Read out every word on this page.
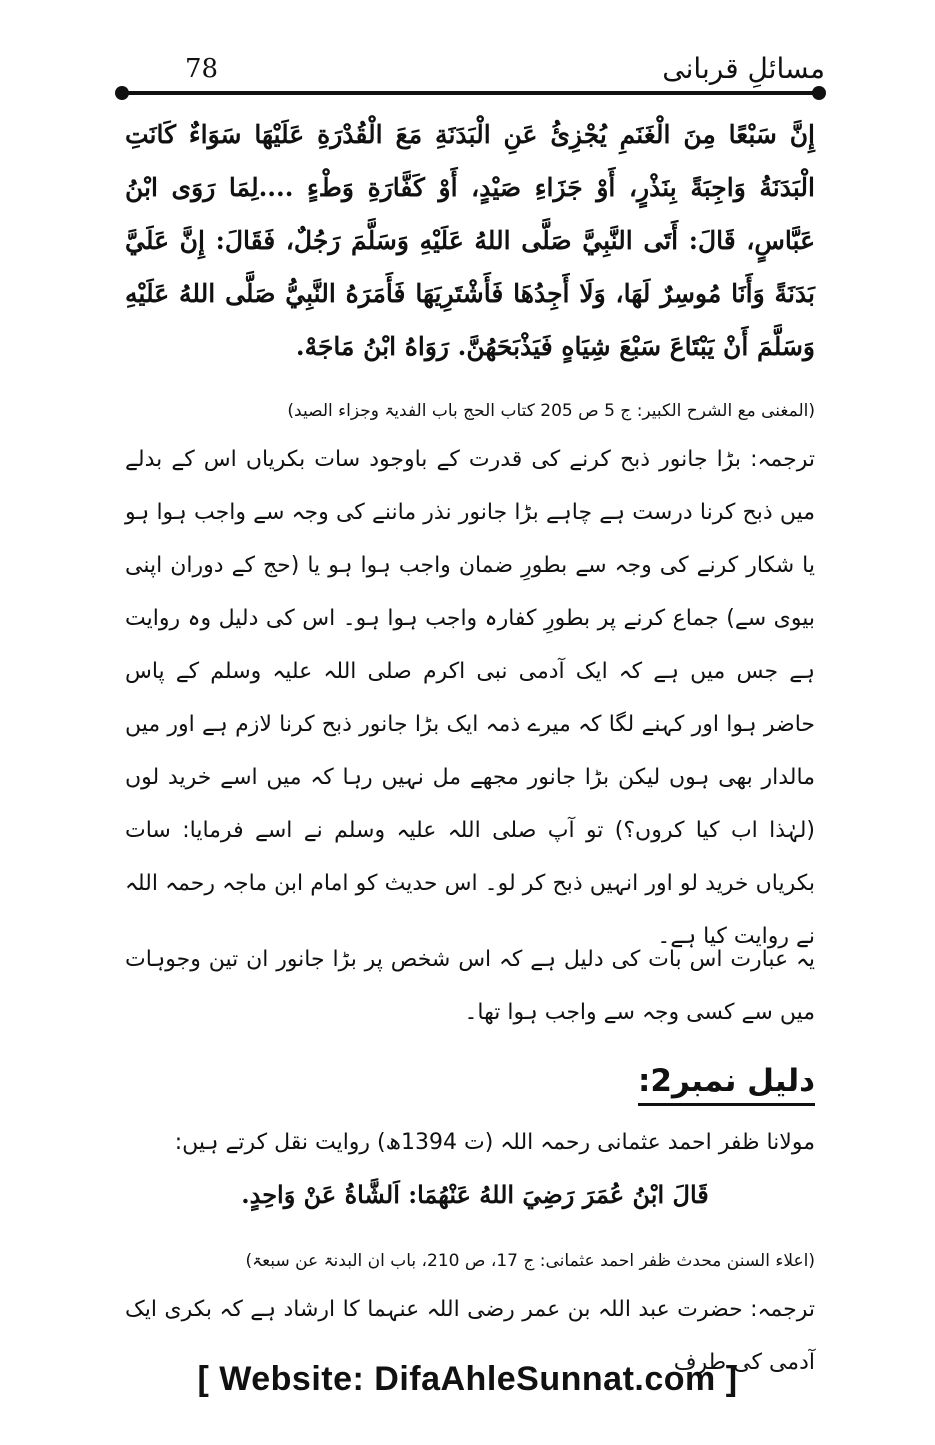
78	مسائلِ قربانی
إِنَّ سَبْعًا مِنَ الْغَنَمِ يُجْزِئُ عَنِ الْبَدَنَةِ مَعَ الْقُدْرَةِ عَلَيْهَا سَوَاءٌ كَانَتِ الْبَدَنَةُ وَاجِبَةً بِنَذْرٍ، أَوْ جَزَاءِ صَيْدٍ، أَوْ كَفَّارَةِ وَطْءٍ ....لِمَا رَوَى ابْنُ عَبَّاسٍ، قَالَ: أَتَى النَّبِيَّ صَلَّى اللهُ عَلَيْهِ وَسَلَّمَ رَجُلٌ، فَقَالَ: إِنَّ عَلَيَّ بَدَنَةً وَأَنَا مُوسِرٌ لَهَا، وَلَا أَجِدُهَا فَأَشْتَرِيَهَا فَأَمَرَهُ النَّبِيُّ صَلَّى اللهُ عَلَيْهِ وَسَلَّمَ أَنْ يَبْتَاعَ سَبْعَ شِيَاهٍ فَيَذْبَحَهُنَّ. رَوَاهُ ابْنُ مَاجَهْ.
(المغنی مع الشرح الکبیر: ج 5 ص 205 کتاب الحج باب الفدیۃ وجزاء الصید)
ترجمہ: بڑا جانور ذبح کرنے کی قدرت کے باوجود سات بکریاں اس کے بدلے میں ذبح کرنا درست ہے چاہے بڑا جانور نذر ماننے کی وجہ سے واجب ہوا ہو یا شکار کرنے کی وجہ سے بطورِ ضمان واجب ہوا ہو یا (حج کے دوران اپنی بیوی سے) جماع کرنے پر بطورِ کفارہ واجب ہوا ہو۔ اس کی دلیل وہ روایت ہے جس میں ہے کہ ایک آدمی نبی اکرم صلی اللہ علیہ وسلم کے پاس حاضر ہوا اور کہنے لگا کہ میرے ذمہ ایک بڑا جانور ذبح کرنا لازم ہے اور میں مالدار بھی ہوں لیکن بڑا جانور مجھے مل نہیں رہا کہ میں اسے خرید لوں (لہٰذا اب کیا کروں؟) تو آپ صلی اللہ علیہ وسلم نے اسے فرمایا: سات بکریاں خرید لو اور انہیں ذبح کر لو۔ اس حدیث کو امام ابن ماجہ رحمہ اللہ نے روایت کیا ہے۔
یہ عبارت اس بات کی دلیل ہے کہ اس شخص پر بڑا جانور ان تین وجوہات میں سے کسی وجہ سے واجب ہوا تھا۔
دلیل نمبر2:
مولانا ظفر احمد عثمانی رحمہ اللہ (ت 1394ھ) روایت نقل کرتے ہیں:
قَالَ ابْنُ عُمَرَ رَضِيَ اللهُ عَنْهُمَا: اَلشَّاةُ عَنْ وَاحِدٍ.
(اعلاء السنن محدث ظفر احمد عثمانی: ج 17، ص 210، باب ان البدنۃ عن سبعۃ)
ترجمہ: حضرت عبد اللہ بن عمر رضی اللہ عنہما کا ارشاد ہے کہ بکری ایک آدمی کی طرف
[ Website: DifaAhleSunnat.com ]
